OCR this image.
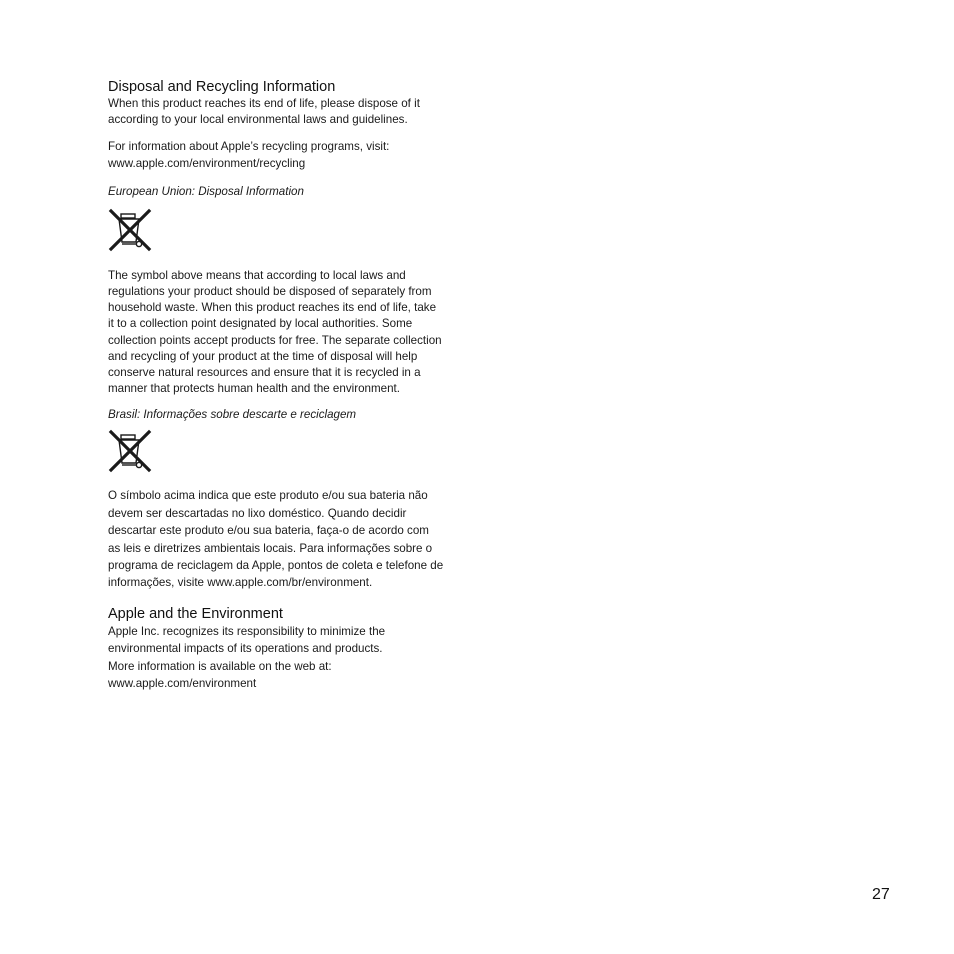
Disposal and Recycling Information

When this product reaches its end of life, please dispose of it
according to your local environmental laws and guidelines.

For information about Apple’s recycling programs, visit:
www.apple.com/environment/recycling

European Union: Disposal Information

The symbol above means that according to local laws and
regulations your product should be disposed of separately from
household waste. When this product reaches its end of life, take
it to a collection point designated by local authorities. Some
collection points accept products for free. The separate collection
and recycling of your product at the time of disposal will help
conserve natural resources and ensure that it is recycled in a
manner that protects human health and the environment.

Brasil: Informações sobre descarte e reciclagem

O símbolo acima indica que este produto e/ou sua bateria não
devem ser descartadas no lixo doméstico. Quando decidir
descartar este produto e/ou sua bateria, faça-o de acordo com
as leis e diretrizes ambientais locais. Para informações sobre o
programa de reciclagem da Apple, pontos de coleta e telefone de
informações, visite www.apple.com/br/environment.

Apple and the Environment

Apple Inc. recognizes its responsibility to minimize the
environmental impacts of its operations and products.
More information is available on the web at:
www.apple.com/environment

27
